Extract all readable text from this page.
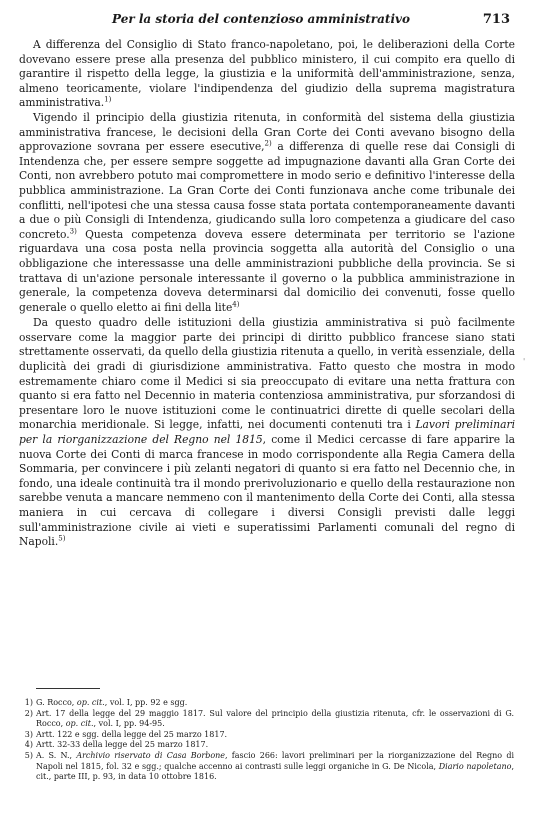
Per la storia del contenzioso amministrativo	713

A differenza del Consiglio di Stato franco-napoletano, poi, le deliberazioni della Corte dovevano essere prese alla presenza del pubblico ministero, il cui compito era quello di garantire il rispetto della legge, la giustizia e la uniformità dell'amministrazione, senza, almeno teoricamente, violare l'indipendenza del giudizio della suprema magistratura amministrativa.$^{1)}$

Vigendo il principio della giustizia ritenuta, in conformità del sistema della giustizia amministrativa francese, le decisioni della Gran Corte dei Conti avevano bisogno della approvazione sovrana per essere esecutive,$^{2)}$ a differenza di quelle rese dai Consigli di Intendenza che, per essere sempre soggette ad impugnazione davanti alla Gran Corte dei Conti, non avrebbero potuto mai compromettere in modo serio e definitivo l'interesse della pubblica amministrazione. La Gran Corte dei Conti funzionava anche come tribunale dei conflitti, nell'ipotesi che una stessa causa fosse stata portata contemporaneamente davanti a due o più Consigli di Intendenza, giudicando sulla loro competenza a giudicare del caso concreto.$^{3)}$ Questa competenza doveva essere determinata per territorio se l'azione riguardava una cosa posta nella provincia soggetta alla autorità del Consiglio o una obbligazione che interessasse una delle amministrazioni pubbliche della provincia. Se si trattava di un'azione personale interessante il governo o la pubblica amministrazione in generale, la competenza doveva determinarsi dal domicilio dei convenuti, fosse quello generale o quello eletto ai fini della lite$^{4)}$

Da questo quadro delle istituzioni della giustizia amministrativa si può facilmente osservare come la maggior parte dei principi di diritto pubblico francese siano stati strettamente osservati, da quello della giustizia ritenuta a quello, in verità essenziale, della duplicità dei gradi di giurisdizione amministrativa. Fatto questo che mostra in modo estremamente chiaro come il Medici si sia preoccupato di evitare una netta frattura con quanto si era fatto nel Decennio in materia contenziosa amministrativa, pur sforzandosi di presentare loro le nuove istituzioni come le continuatrici dirette di quelle secolari della monarchia meridionale. Si legge, infatti, nei documenti contenuti tra i Lavori preliminari per la riorganizzazione del Regno nel 1815, come il Medici cercasse di fare apparire la nuova Corte dei Conti di marca francese in modo corrispondente alla Regia Camera della Sommaria, per convincere i più zelanti negatori di quanto si era fatto nel Decennio che, in fondo, una ideale continuità tra il mondo prerivoluzionario e quello della restaurazione non sarebbe venuta a mancare nemmeno con il mantenimento della Corte dei Conti, alla stessa maniera in cui cercava di collegare i diversi Consigli previsti dalle leggi sull'amministrazione civile ai vieti e superatissimi Parlamenti comunali del regno di Napoli.$^{5)}$

'

1) G. Rocco, op. cit., vol. I, pp. 92 e sgg.

2) Art. 17 della legge del 29 maggio 1817. Sul valore del principio della giustizia ritenuta, cfr. le osservazioni di G. Rocco, op. cit., vol. I, pp. 94-95.

3) Artt. 122 e sgg. della legge del 25 marzo 1817.

4) Artt. 32-33 della legge del 25 marzo 1817.

5) A. S. N., Archivio riservato di Casa Borbone, fascio 266: lavori preliminari per la riorganizzazione del Regno di Napoli nel 1815, fol. 32 e sgg.; qualche accenno ai contrasti sulle leggi organiche in G. De Nicola, Diario napoletano, cit., parte III, p. 93, in data 10 ottobre 1816.
